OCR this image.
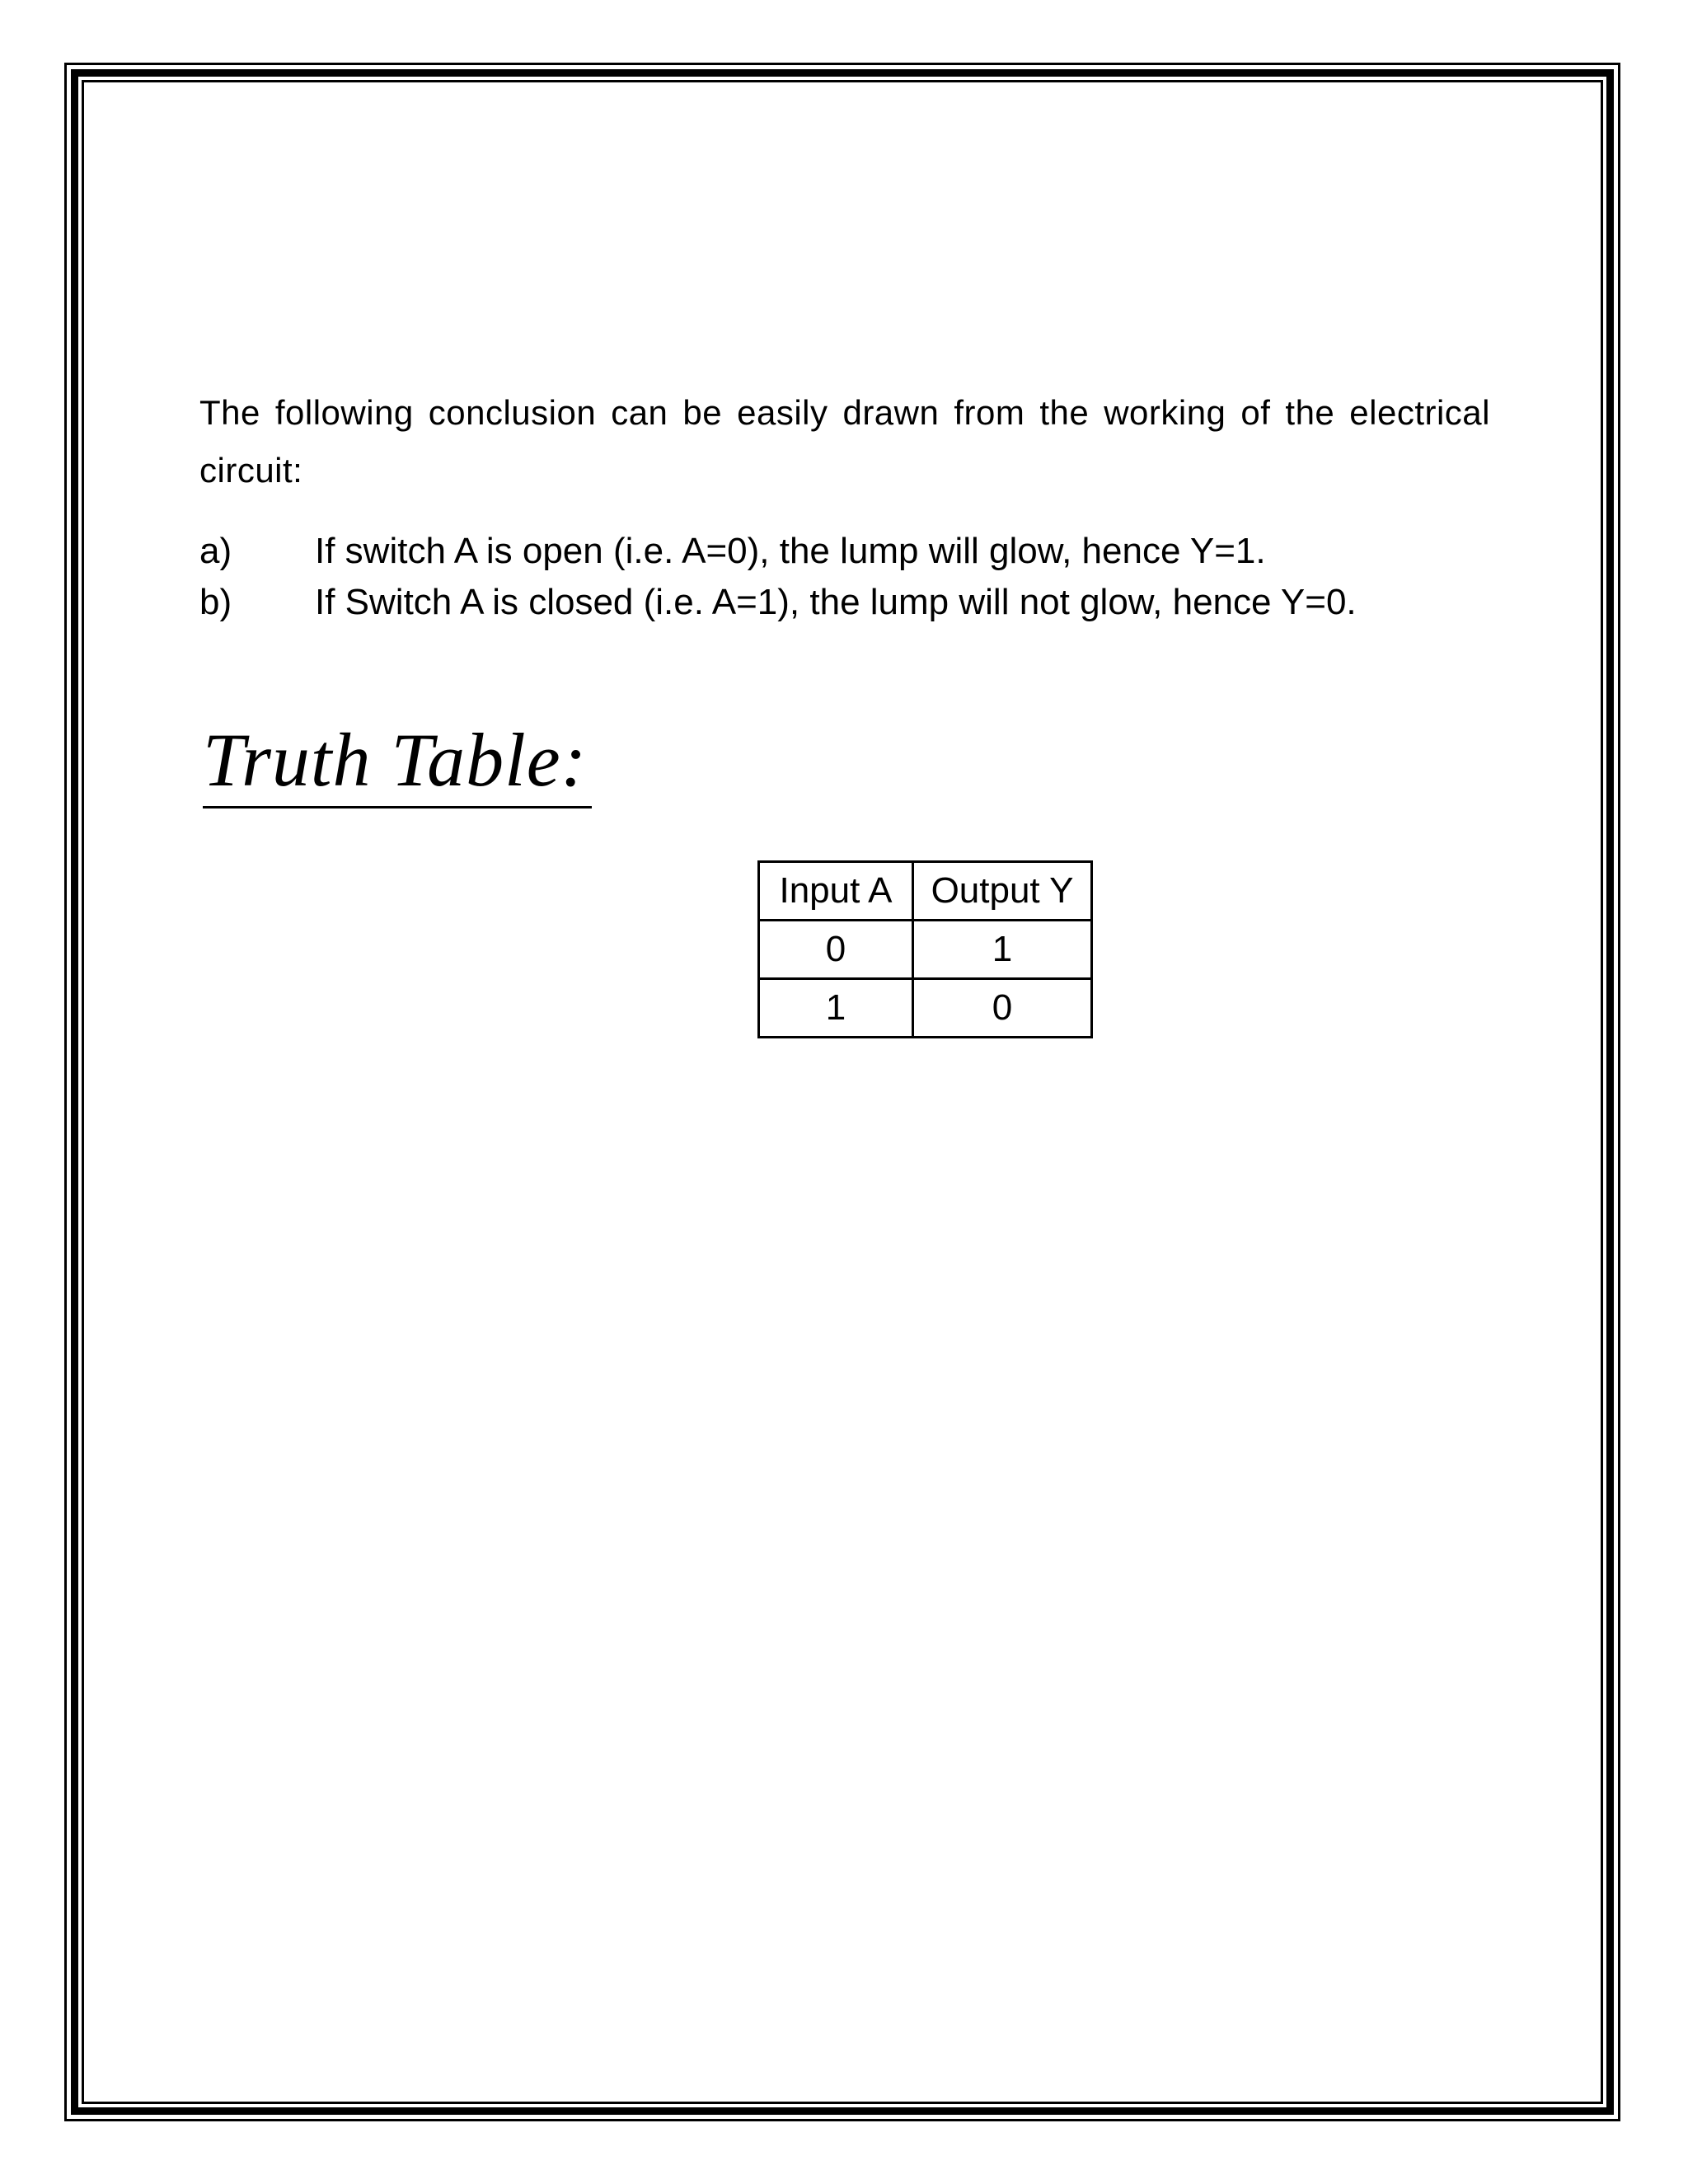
The following conclusion can be easily drawn from the working of the electrical circuit:

a)	If switch A is open (i.e. A=0), the lump will glow, hence Y=1.
b)	If Switch A is closed (i.e. A=1), the lump will not glow, hence Y=0.
Truth Table:
Input A	Output Y
0	1
1	0
